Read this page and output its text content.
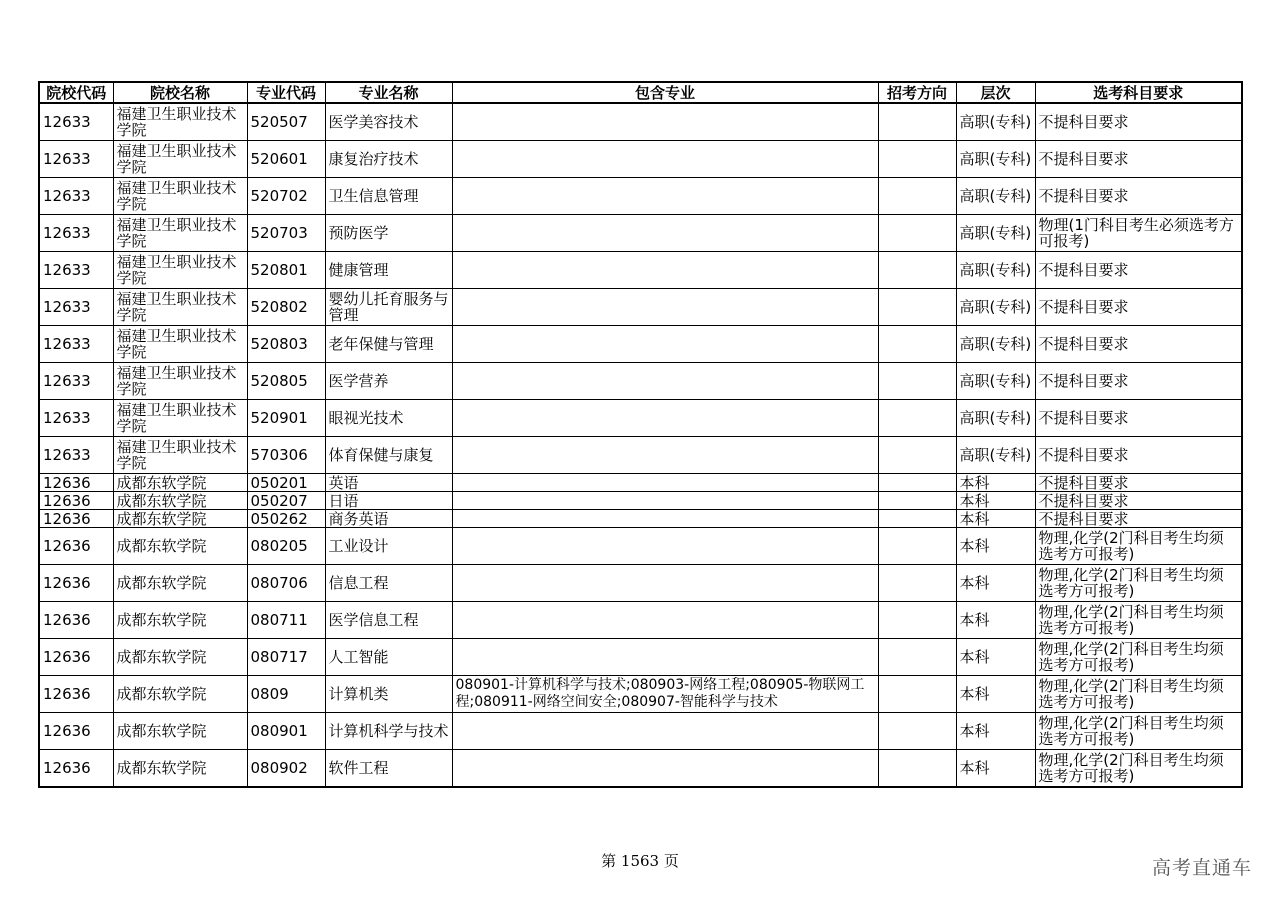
院校代码	院校名称	专业代码	专业名称	包含专业	招考方向	层次	选考科目要求
12633	福建卫生职业技术学院	520507	医学美容技术			高职(专科)	不提科目要求
12633	福建卫生职业技术学院	520601	康复治疗技术			高职(专科)	不提科目要求
12633	福建卫生职业技术学院	520702	卫生信息管理			高职(专科)	不提科目要求
12633	福建卫生职业技术学院	520703	预防医学			高职(专科)	物理(1门科目考生必须选考方可报考)
12633	福建卫生职业技术学院	520801	健康管理			高职(专科)	不提科目要求
12633	福建卫生职业技术学院	520802	婴幼儿托育服务与管理			高职(专科)	不提科目要求
12633	福建卫生职业技术学院	520803	老年保健与管理			高职(专科)	不提科目要求
12633	福建卫生职业技术学院	520805	医学营养			高职(专科)	不提科目要求
12633	福建卫生职业技术学院	520901	眼视光技术			高职(专科)	不提科目要求
12633	福建卫生职业技术学院	570306	体育保健与康复			高职(专科)	不提科目要求
12636	成都东软学院	050201	英语			本科	不提科目要求
12636	成都东软学院	050207	日语			本科	不提科目要求
12636	成都东软学院	050262	商务英语			本科	不提科目要求
12636	成都东软学院	080205	工业设计			本科	物理,化学(2门科目考生均须选考方可报考)
12636	成都东软学院	080706	信息工程			本科	物理,化学(2门科目考生均须选考方可报考)
12636	成都东软学院	080711	医学信息工程			本科	物理,化学(2门科目考生均须选考方可报考)
12636	成都东软学院	080717	人工智能			本科	物理,化学(2门科目考生均须选考方可报考)
12636	成都东软学院	0809	计算机类	080901-计算机科学与技术;080903-网络工程;080905-物联网工程;080911-网络空间安全;080907-智能科学与技术		本科	物理,化学(2门科目考生均须选考方可报考)
12636	成都东软学院	080901	计算机科学与技术			本科	物理,化学(2门科目考生均须选考方可报考)
12636	成都东软学院	080902	软件工程			本科	物理,化学(2门科目考生均须选考方可报考)
第 1563 页	高考直通车
